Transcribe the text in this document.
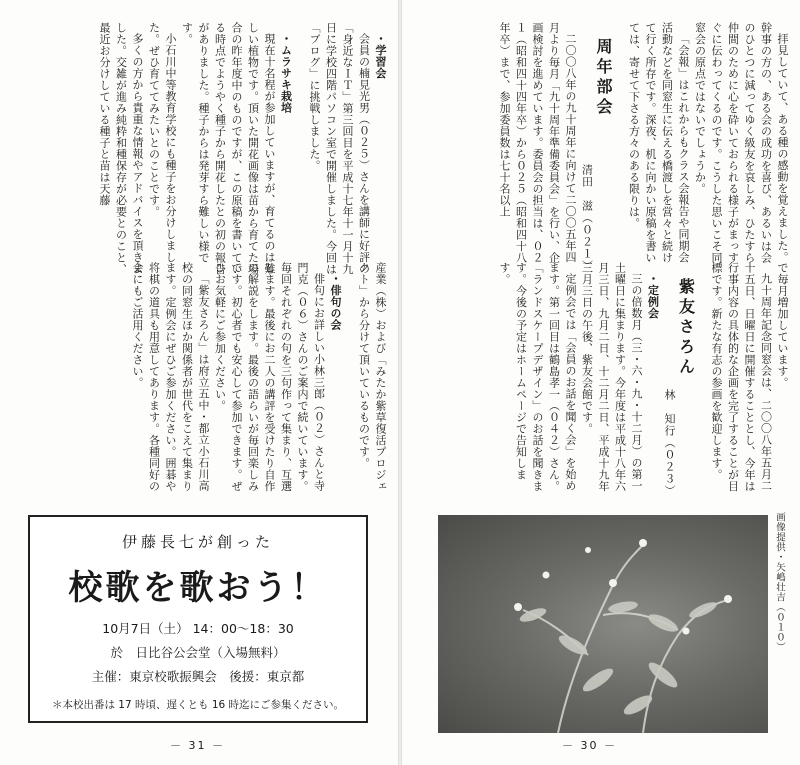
・学習会

会員の楠見光男（０２５）さんを講師に好評の「身近なＩＴ」第三回目を平成十七年十一月十九日に学校四階パソコン室で開催しました。今回は「ブログ」に挑戦しました。

・ムラサキ栽培

現在十名程が参加していますが、育てるのは難しい植物です。頂いた開花画像は苗から育てた場合の昨年度中のものですが、この原稿を書いている時点でようやく種子から開花したとの初の報告がありました。種子からは発芽すら難しい様です。

小石川中等教育学校にも種子をお分けしました。ぜひ育ててみたいとのことです。

多くの方から貴重な情報やアドバイスを頂きました。交雑が進み純粋和種保存が必要とのこと、最近お分けしている種子と苗は天藤

産業（株）および「みたか紫草復活プロジェクト」から分けて頂いているものです。

・俳句の会

俳句にお詳しい小林三郎（０２）さんと寺門克（０６）さんのご案内で続いています。毎回それぞれの句を三句作って集まり、互選します。最後にお二人の講評を受けたり自作の解説をします。最後の語らいが毎回楽しみです。初心者でも安心して参加できます。ぜひお気軽にご参加ください。

「紫友さろん」は府立五中・都立小石川高校の同窓生ほか関係者が世代をこえて集まります。定例会にぜひご参加ください。囲碁や将棋の道具も用意してあります。各種同好の会にもご活用ください。

伊藤長七が創った
校歌を歌おう！
10月7日（土） 14：00～18：30
於　日比谷公会堂（入場無料）
主催：東京校歌振興会　後援：東京都
＊本校出番は 17 時頃、遅くとも 16 時迄にご参集ください。
－ 31 －

拝見していて、ある種の感動を覚えました。幹事の方の、ある会の成功を喜び、あるいは会のひとつに減ってゆく級友を哀しみ、ひたすら仲間のために心を砕いておられる様子がまっすぐに伝わってくるのです。こうした思いこそ同窓会の原点ではないでしょうか。

「会報」はこれからもクラス会報告や同期会活動などを同窓生に伝える橋渡しを営々と続けて行く所存です。深夜、机に向かい原稿を書いては、寄せて下さる方々のある限りは。

周年部会

清田　滋（０２１）

二〇〇八年の九十周年に向けて二〇〇五年四月より毎月「九十周年準備委員会」を行い、企画検討を進めています。委員会の担当は、０２１（昭和四十四年卒）から０２５（昭和四十八年卒）まで、参加委員数は七十名以上

で毎月増加しています。

九十周年記念同窓会は、二〇〇八年五月二十五日、日曜日に開催することとし、今年は行事内容の具体的な企画を完了することが目標です。新たな有志の参画を歓迎します。

紫友さろん

林　知行（０２３）

・定例会

三の倍数月（三・六・九・十二月）の第一土曜日に集まります。今年度は平成十八年六月三日、九月二日、十二月二日、平成十九年三月三日の午後、紫友会館です。

定例会では「会員のお話を聞く会」を始めます。第一回目は鶴島孝一（０４２）さん。「ランドスケープデザイン」のお話を聞きます。今後の予定はホームページで告知します。

画像提供・矢嶋壮吉（０１０）
－ 30 －
